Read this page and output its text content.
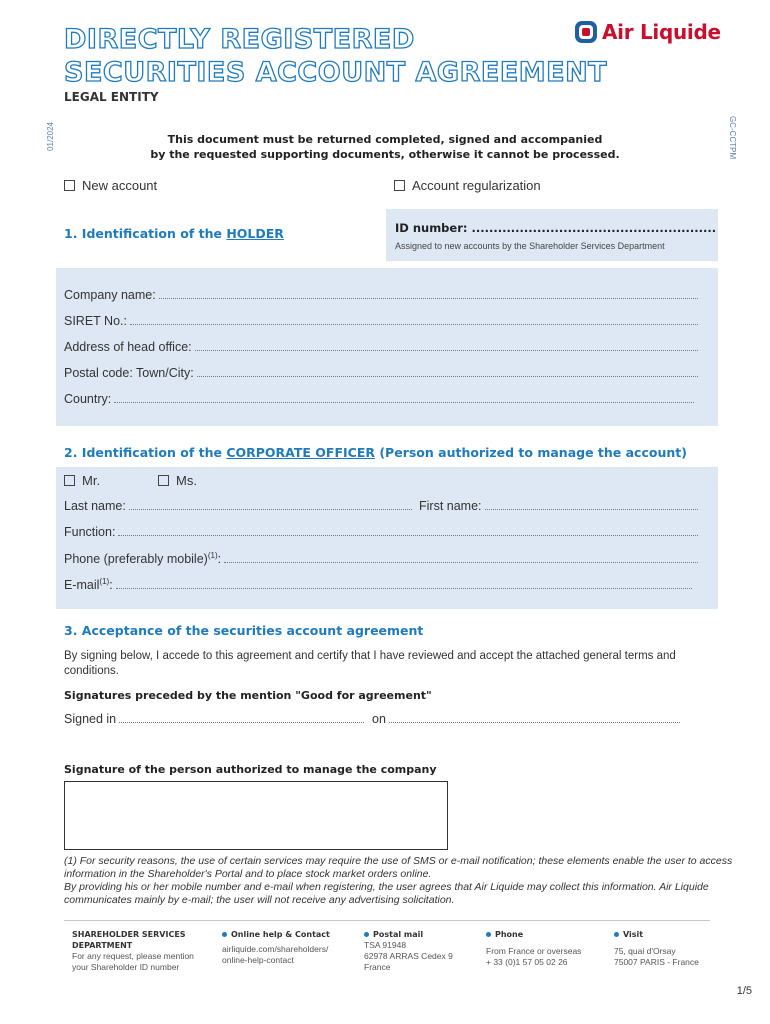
DIRECTLY REGISTERED
SECURITIES ACCOUNT AGREEMENT
LEGAL ENTITY
Air Liquide
01/2024	GC-CCTPM
This document must be returned completed, signed and accompanied
by the requested supporting documents, otherwise it cannot be processed.
New account	Account regularization
1. Identification of the HOLDER	ID number: ........................................................
Assigned to new accounts by the Shareholder Services Department
Company name:
SIRET No.:
Address of head office:
Postal code: Town/City:
Country:
2. Identification of the CORPORATE OFFICER (Person authorized to manage the account)
Mr.	Ms.
Last name:	First name:
Function:
Phone (preferably mobile)$^{(1)}$:
E-mail$^{(1)}$:
3. Acceptance of the securities account agreement
By signing below, I accede to this agreement and certify that I have reviewed and accept the attached general terms and conditions.
Signatures preceded by the mention "Good for agreement"
Signed in	on
Signature of the person authorized to manage the company
(1) For security reasons, the use of certain services may require the use of SMS or e-mail notification; these elements enable the user to access information in the Shareholder's Portal and to place stock market orders online.
By providing his or her mobile number and e-mail when registering, the user agrees that Air Liquide may collect this information. Air Liquide communicates mainly by e-mail; the user will not receive any advertising solicitation.
SHAREHOLDER SERVICES
DEPARTMENT
For any request, please mention
your Shareholder ID number
Online help & Contact
airliquide.com/shareholders/
online-help-contact
Postal mail
TSA 91948
62978 ARRAS Cedex 9
France
Phone
From France or overseas
+ 33 (0)1 57 05 02 26
Visit
75, quai d'Orsay
75007 PARIS - France
1/5
